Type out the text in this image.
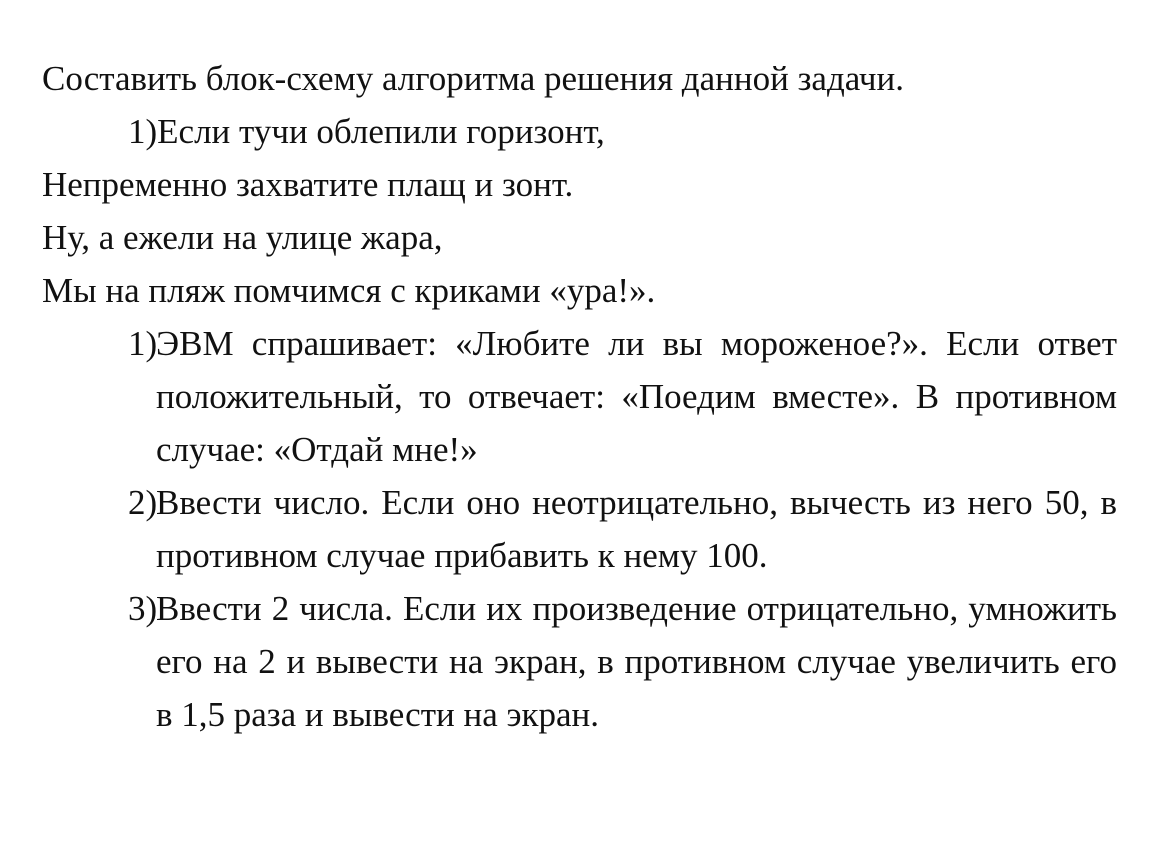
Составить блок-схему алгоритма решения данной задачи.

1)Если тучи облепили горизонт,

Непременно захватите плащ и зонт.

Ну, а ежели на улице жара,

Мы на пляж помчимся с криками «ура!».

1)
ЭВМ спрашивает: «Любите ли вы мороженое?». Если ответ положительный, то отвечает: «Поедим вместе». В противном случае: «Отдай мне!»

2)
Ввести число. Если оно неотрицательно, вычесть из него 50, в противном случае прибавить к нему 100.

3)
Ввести 2 числа. Если их произведение отрицательно, умножить его на 2 и вывести на экран, в противном случае увеличить его в 1,5 раза и вывести на экран.
